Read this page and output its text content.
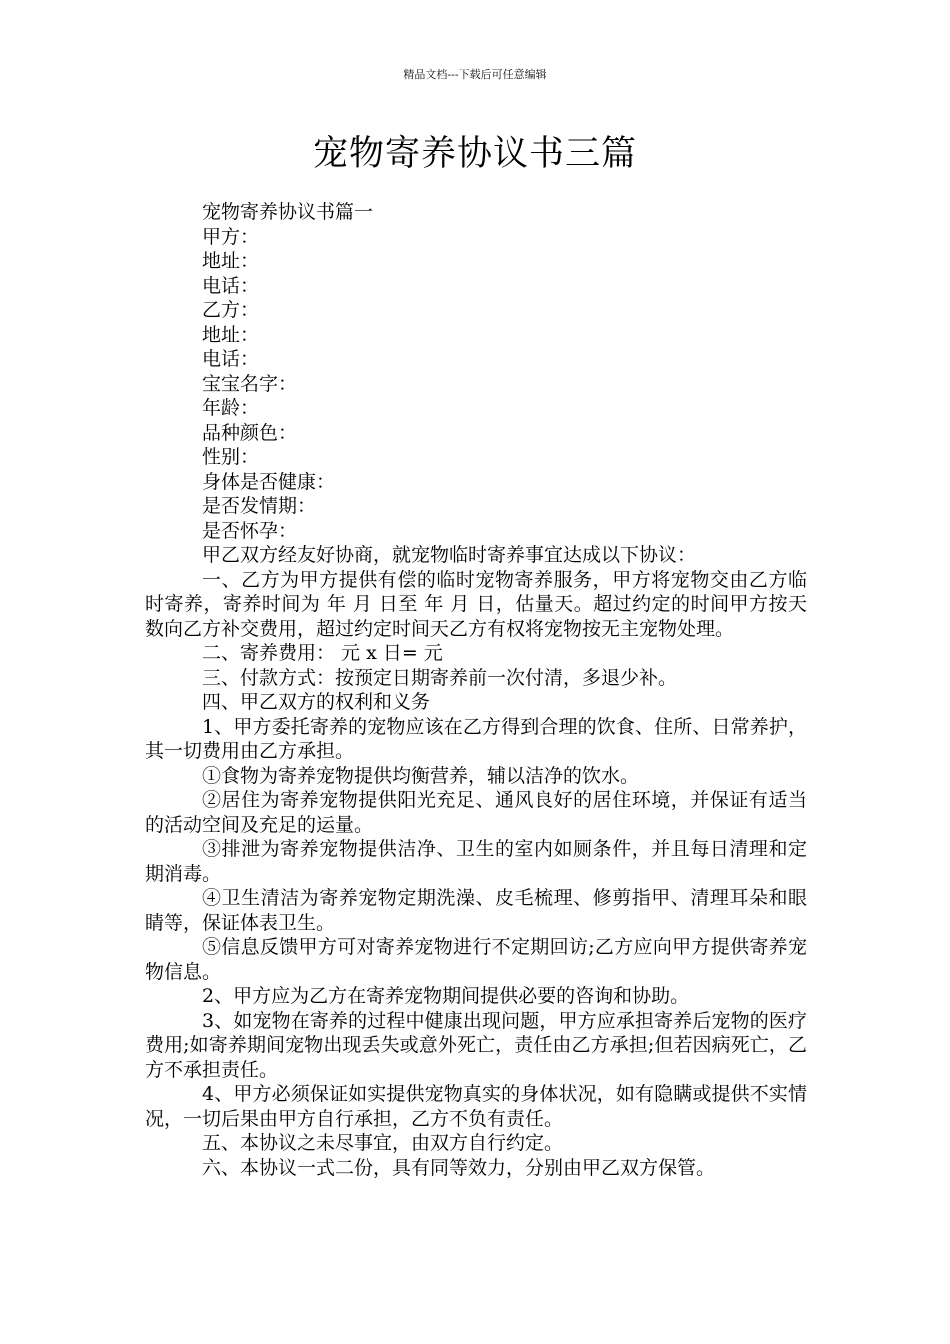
精品文档---下载后可任意编辑
宠物寄养协议书三篇

宠物寄养协议书篇一

甲方：

地址：

电话：

乙方：

地址：

电话：

宝宝名字：

年龄：

品种颜色：

性别：

身体是否健康：

是否发情期：

是否怀孕：

甲乙双方经友好协商，就宠物临时寄养事宜达成以下协议：

一、乙方为甲方提供有偿的临时宠物寄养服务，甲方将宠物交由乙方临时寄养，寄养时间为 年 月 日至 年 月 日，估量天。超过约定的时间甲方按天数向乙方补交费用，超过约定时间天乙方有权将宠物按无主宠物处理。

二、寄养费用： 元 x 日= 元

三、付款方式：按预定日期寄养前一次付清，多退少补。

四、甲乙双方的权利和义务

1、甲方委托寄养的宠物应该在乙方得到合理的饮食、住所、日常养护，其一切费用由乙方承担。

①食物为寄养宠物提供均衡营养，辅以洁净的饮水。

②居住为寄养宠物提供阳光充足、通风良好的居住环境，并保证有适当的活动空间及充足的运量。

③排泄为寄养宠物提供洁净、卫生的室内如厕条件，并且每日清理和定期消毒。

④卫生清洁为寄养宠物定期洗澡、皮毛梳理、修剪指甲、清理耳朵和眼睛等，保证体表卫生。

⑤信息反馈甲方可对寄养宠物进行不定期回访;乙方应向甲方提供寄养宠物信息。

2、甲方应为乙方在寄养宠物期间提供必要的咨询和协助。

3、如宠物在寄养的过程中健康出现问题，甲方应承担寄养后宠物的医疗费用;如寄养期间宠物出现丢失或意外死亡，责任由乙方承担;但若因病死亡，乙方不承担责任。

4、甲方必须保证如实提供宠物真实的身体状况，如有隐瞒或提供不实情况，一切后果由甲方自行承担，乙方不负有责任。

五、本协议之未尽事宜，由双方自行约定。

六、本协议一式二份，具有同等效力，分别由甲乙双方保管。
